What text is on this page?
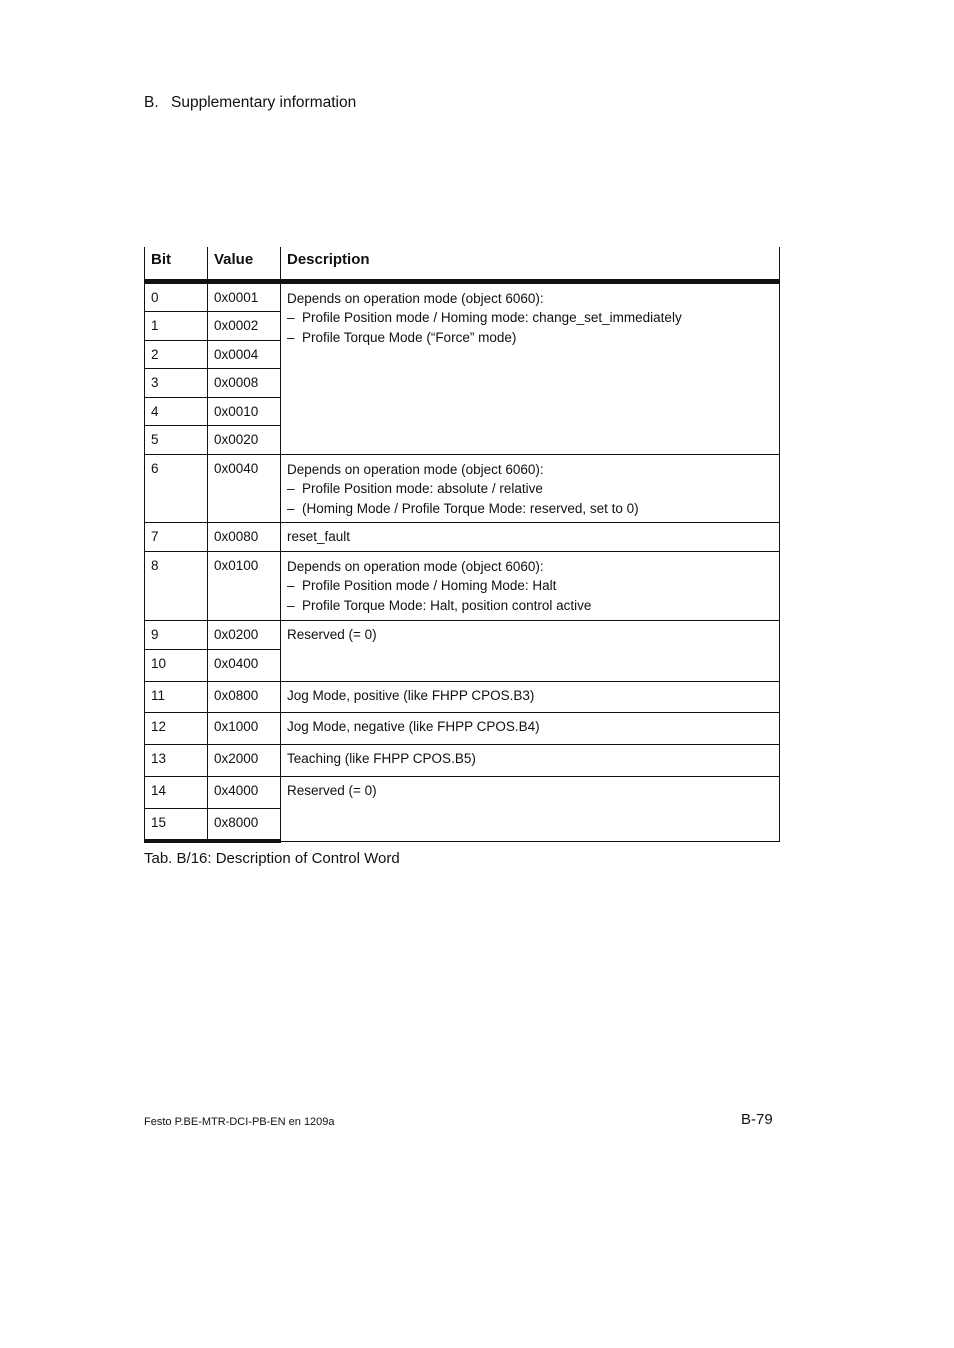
B. Supplementary information
Bit	Value	Description
0	0x0001	Depends on operation mode (object 6060):
– Profile Position mode / Homing mode: change_set_immediately
– Profile Torque Mode (“Force” mode)

1	0x0002	
2	0x0004	
3	0x0008	
4	0x0010	
5	0x0020	
6	0x0040	Depends on operation mode (object 6060):
– Profile Position mode: absolute / relative
– (Homing Mode / Profile Torque Mode: reserved, set to 0)

7	0x0080	reset_fault
8	0x0100	Depends on operation mode (object 6060):
– Profile Position mode / Homing Mode: Halt
– Profile Torque Mode: Halt, position control active

9	0x0200	Reserved (= 0)
10	0x0400	
11	0x0800	Jog Mode, positive (like FHPP CPOS.B3)
12	0x1000	Jog Mode, negative (like FHPP CPOS.B4)
13	0x2000	Teaching (like FHPP CPOS.B5)
14	0x4000	Reserved (= 0)
15	0x8000	
Tab. B/16: Description of Control Word
Festo P.BE-MTR-DCI-PB-EN en 1209a	B-79
